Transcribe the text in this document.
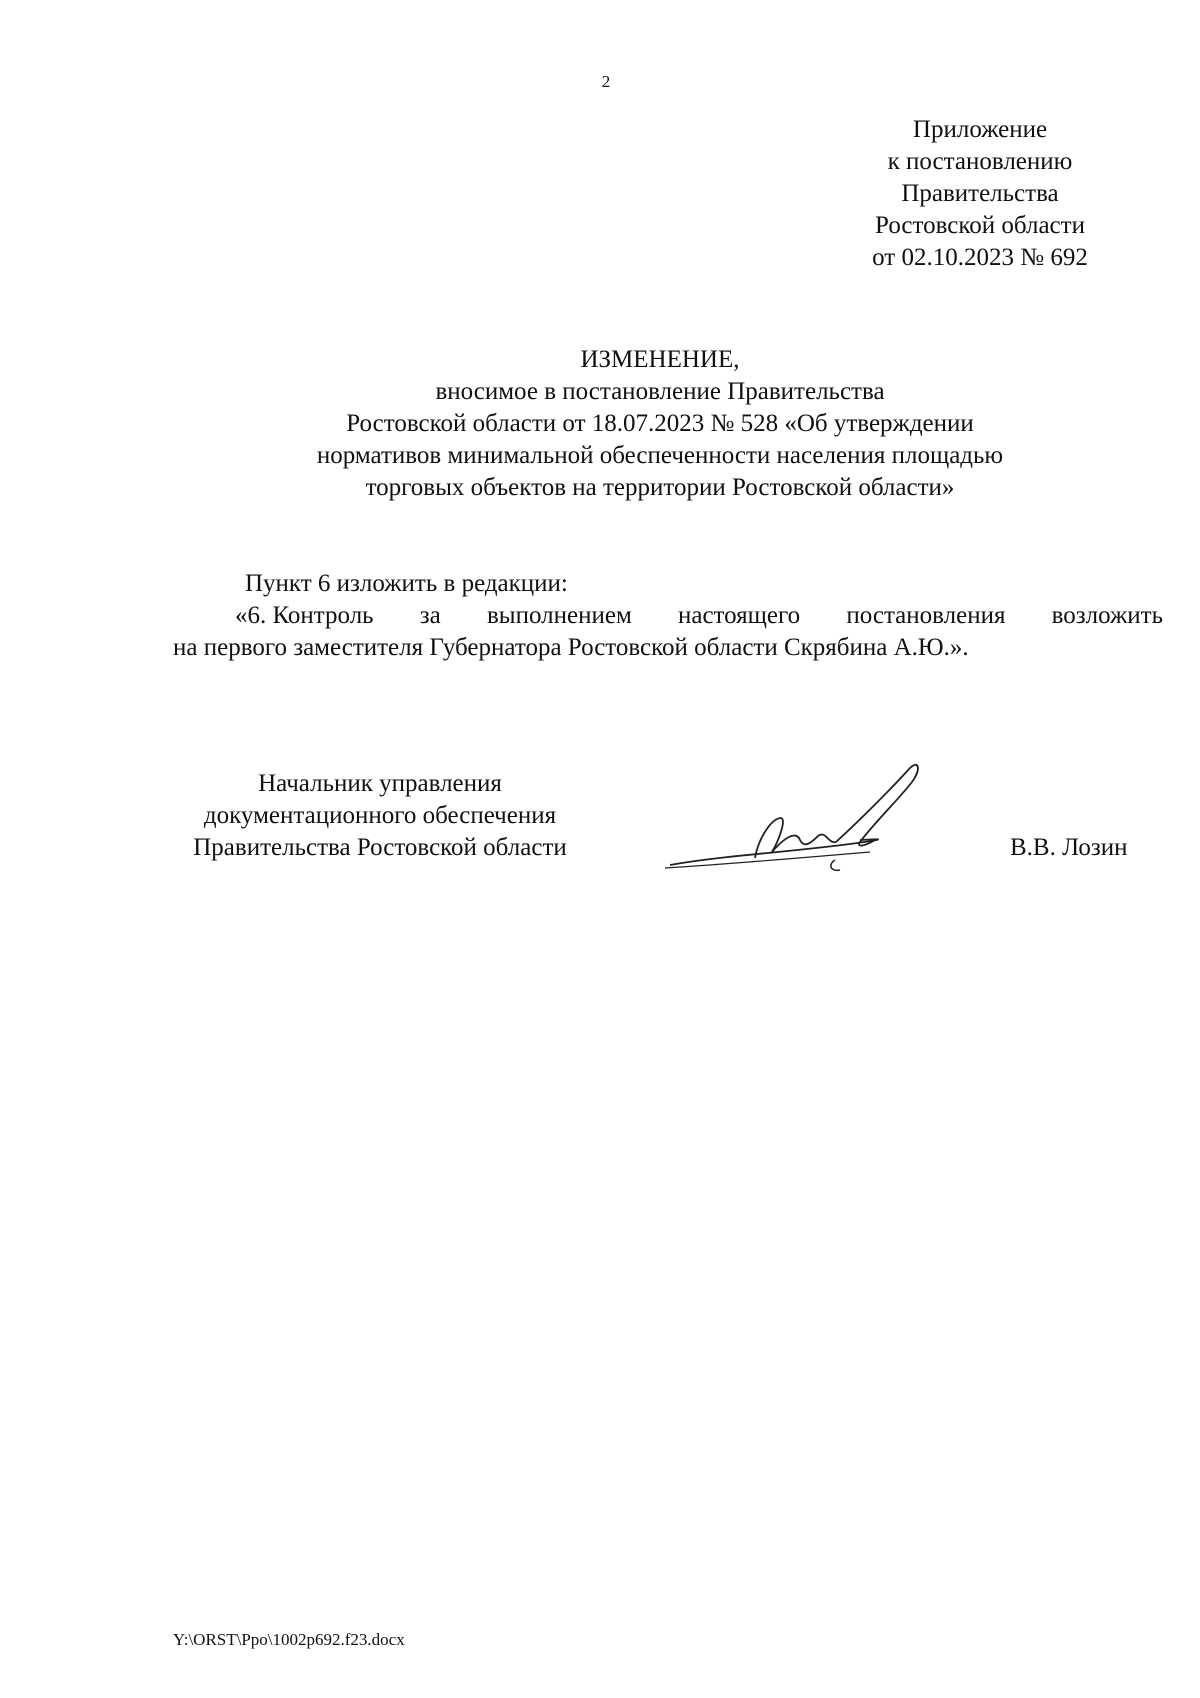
2
Приложение
к постановлению
Правительства
Ростовской области
от 02.10.2023 № 692
ИЗМЕНЕНИЕ,
вносимое в постановление Правительства
Ростовской области от 18.07.2023 № 528 «Об утверждении
нормативов минимальной обеспеченности населения площадью
торговых объектов на территории Ростовской области»
Пункт 6 изложить в редакции:
«6. Контроль за выполнением настоящего постановления возложить
на первого заместителя Губернатора Ростовской области Скрябина А.Ю.».
Начальник управления
документационного обеспечения
Правительства Ростовской области	В.В. Лозин
Y:\ORST\Ppo\1002p692.f23.docx
